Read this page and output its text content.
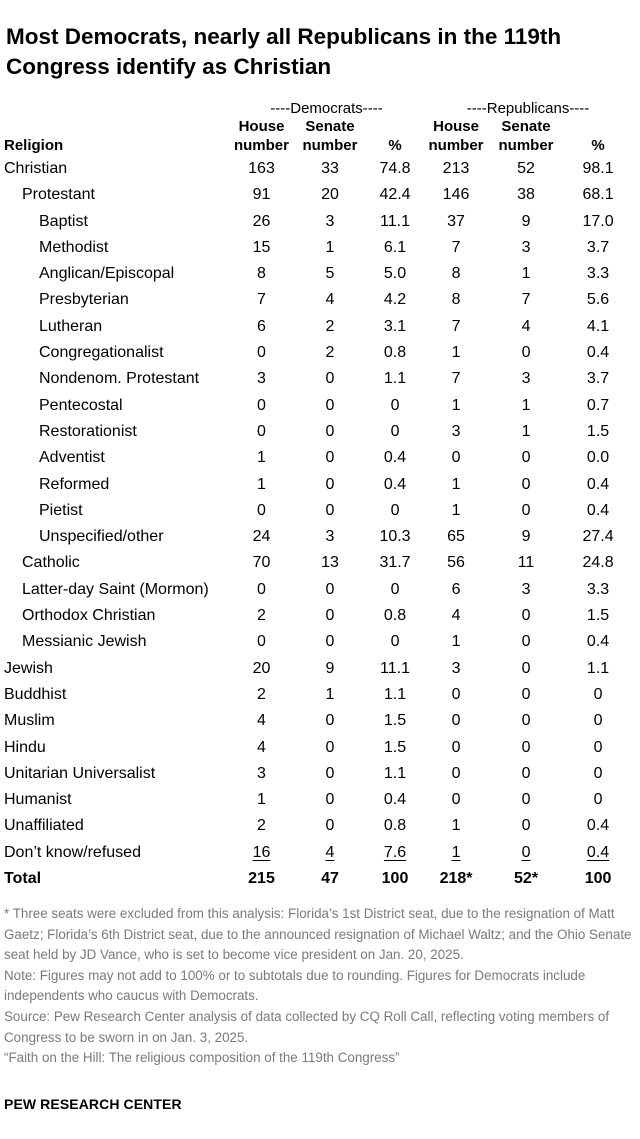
Most Democrats, nearly all Republicans in the 119th Congress identify as Christian
	----Democrats----			----Republicans----		
	House	Senate		House	Senate	
Religion	number	number	%	number	number	%
Christian	163	33	74.8	213	52	98.1
Protestant	91	20	42.4	146	38	68.1
Baptist	26	3	11.1	37	9	17.0
Methodist	15	1	6.1	7	3	3.7
Anglican/Episcopal	8	5	5.0	8	1	3.3
Presbyterian	7	4	4.2	8	7	5.6
Lutheran	6	2	3.1	7	4	4.1
Congregationalist	0	2	0.8	1	0	0.4
Nondenom. Protestant	3	0	1.1	7	3	3.7
Pentecostal	0	0	0	1	1	0.7
Restorationist	0	0	0	3	1	1.5
Adventist	1	0	0.4	0	0	0.0
Reformed	1	0	0.4	1	0	0.4
Pietist	0	0	0	1	0	0.4
Unspecified/other	24	3	10.3	65	9	27.4
Catholic	70	13	31.7	56	11	24.8
Latter-day Saint (Mormon)	0	0	0	6	3	3.3
Orthodox Christian	2	0	0.8	4	0	1.5
Messianic Jewish	0	0	0	1	0	0.4
Jewish	20	9	11.1	3	0	1.1
Buddhist	2	1	1.1	0	0	0
Muslim	4	0	1.5	0	0	0
Hindu	4	0	1.5	0	0	0
Unitarian Universalist	3	0	1.1	0	0	0
Humanist	1	0	0.4	0	0	0
Unaffiliated	2	0	0.8	1	0	0.4
Don’t know/refused	16	4	7.6	1	0	0.4
Total	215	47	100	218*	52*	100

* Three seats were excluded from this analysis: Florida’s 1st District seat, due to the resignation of Matt Gaetz; Florida’s 6th District seat, due to the announced resignation of Michael Waltz; and the Ohio Senate seat held by JD Vance, who is set to become vice president on Jan. 20, 2025.

Note: Figures may not add to 100% or to subtotals due to rounding. Figures for Democrats include independents who caucus with Democrats.

Source: Pew Research Center analysis of data collected by CQ Roll Call, reflecting voting members of Congress to be sworn in on Jan. 3, 2025.

“Faith on the Hill: The religious composition of the 119th Congress”

PEW RESEARCH CENTER
